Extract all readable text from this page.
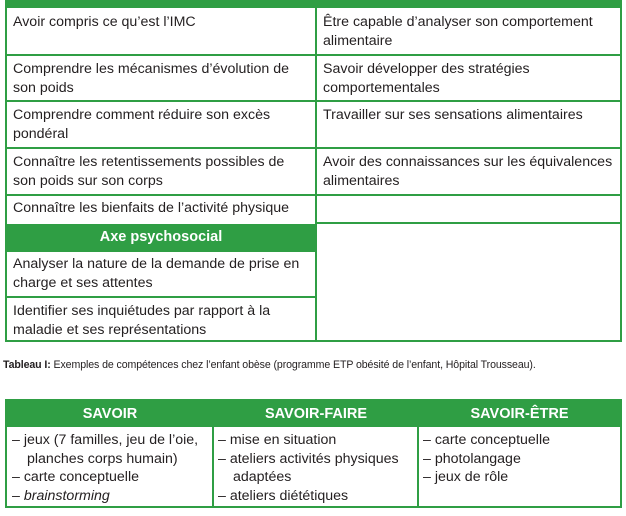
Avoir compris ce qu’est l’IMC
Comprendre les mécanismes d’évolution de son poids
Comprendre comment réduire son excès pondéral
Connaître les retentissements possibles de son poids sur son corps
Connaître les bienfaits de l’activité physique
Axe psychosocial
Analyser la nature de la demande de prise en charge et ses attentes
Identifier ses inquiétudes par rapport à la maladie et ses représentations
Être capable d’analyser son comportement alimentaire
Savoir développer des stratégies comportementales
Travailler sur ses sensations alimentaires
Avoir des connaissances sur les équivalences alimentaires
Tableau I: Exemples de compétences chez l’enfant obèse (programme ETP obésité de l’enfant, Hôpital Trousseau).
SAVOIR	SAVOIR-FAIRE	SAVOIR-ÊTRE
– jeux (7 familles, jeu de l’oie, planches corps humain)
– carte conceptuelle
– brainstorming
– mise en situation
– ateliers activités physiques adaptées
– ateliers diététiques
– carte conceptuelle
– photolangage
– jeux de rôle
